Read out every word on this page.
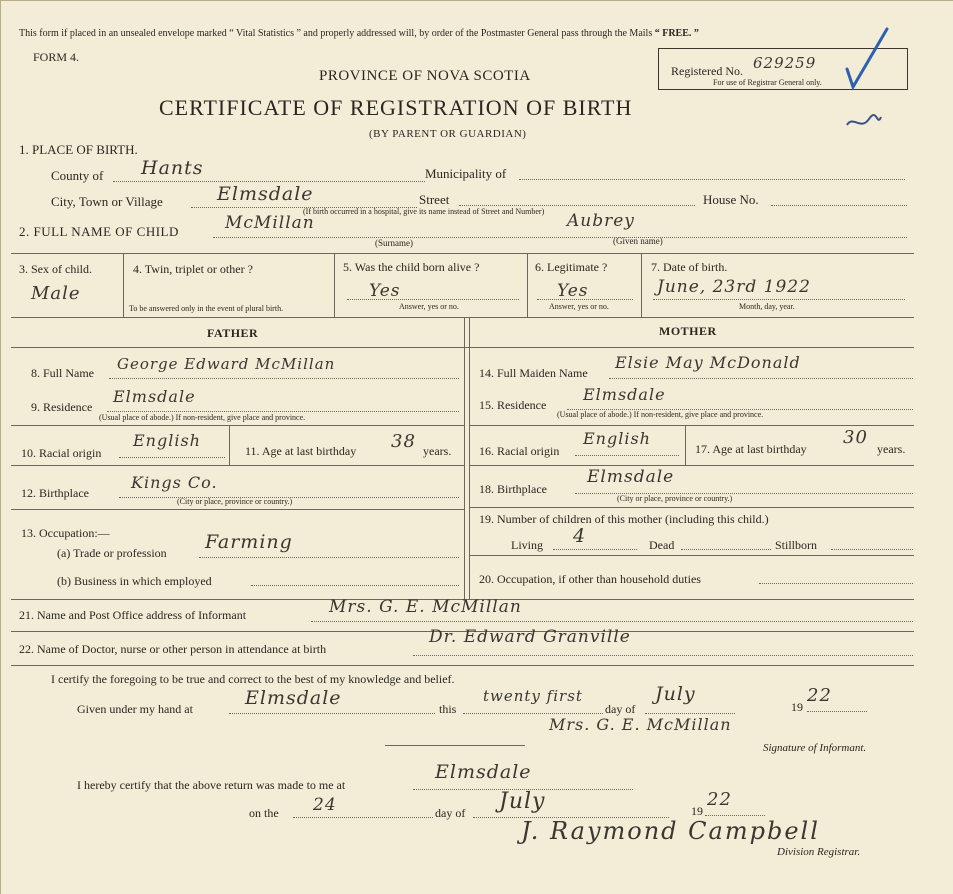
This form if placed in an unsealed envelope marked “ Vital Statistics ” and properly addressed will, by order of the Postmaster General pass through the Mails “ FREE. ”
FORM 4.
PROVINCE OF NOVA SCOTIA
CERTIFICATE OF REGISTRATION OF BIRTH
(BY PARENT OR GUARDIAN)
Registered No. 629259
For use of Registrar General only.
1. PLACE OF BIRTH.
County of Hants	Municipality of
City, Town or Village	Elmsdale	Street	House No.
(If birth occurred in a hospital, give its name instead of Street and Number)
2. FULL NAME OF CHILD	McMillan	Aubrey
(Surname)	(Given name)
3. Sex of child.
Male
4. Twin, triplet or other ?
To be answered only in the event of plural birth.
5. Was the child born alive ?
Yes
Answer, yes or no.
6. Legitimate ?
Yes
Answer, yes or no.
7. Date of birth.
June, 23rd 1922
Month, day, year.
FATHER	MOTHER
8. Full Name George Edward McMillan
9. Residence
Elmsdale
(Usual place of abode.) If non-resident, give place and province.
10. Racial origin
English
11. Age at last birthday 38 years.
12. Birthplace
Kings Co.
(City or place, province or country.)
13. Occupation:—
(a) Trade or profession Farming
(b) Business in which employed
14. Full Maiden Name
Elsie May McDonald
15. Residence
Elmsdale
(Usual place of abode.) If non-resident, give place and province.
16. Racial origin
English
17. Age at last birthday
30
years.
18. Birthplace
Elmsdale
(City or place, province or country.)
19. Number of children of this mother (including this child.)
Living 4	Dead	Stillborn
20. Occupation, if other than household duties
21. Name and Post Office address of Informant	Mrs. G. E. McMillan
22. Name of Doctor, nurse or other person in attendance at birth
Dr. Edward Granville
I certify the foregoing to be true and correct to the best of my knowledge and belief.
Given under my hand at	Elmsdale	this
twenty first
day of
July
19
22
Mrs. G. E. McMillan
Signature of Informant.
I hereby certify that the above return was made to me at
Elmsdale
on the 24	day of July	19
22
J. Raymond Campbell
Division Registrar.
